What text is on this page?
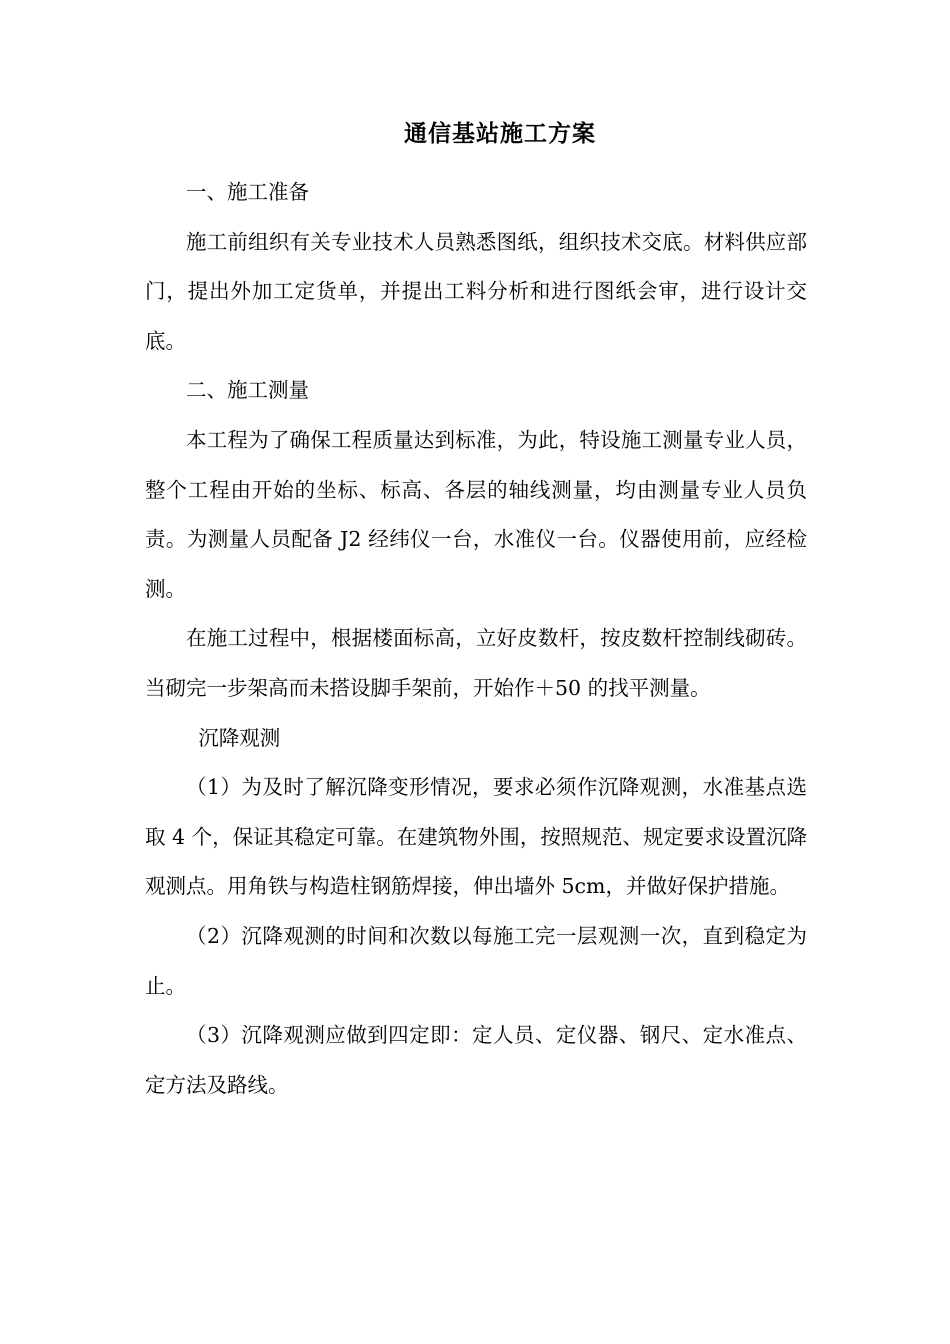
通信基站施工方案

一、施工准备

施工前组织有关专业技术人员熟悉图纸，组织技术交底。材料供应部门，提出外加工定货单，并提出工料分析和进行图纸会审，进行设计交底。

二、施工测量

本工程为了确保工程质量达到标准，为此，特设施工测量专业人员，整个工程由开始的坐标、标高、各层的轴线测量，均由测量专业人员负责。为测量人员配备 J2 经纬仪一台，水准仪一台。仪器使用前，应经检测。

在施工过程中，根据楼面标高，立好皮数杆，按皮数杆控制线砌砖。当砌完一步架高而未搭设脚手架前，开始作＋50 的找平测量。

沉降观测

（1）为及时了解沉降变形情况，要求必须作沉降观测，水准基点选取 4 个，保证其稳定可靠。在建筑物外围，按照规范、规定要求设置沉降观测点。用角铁与构造柱钢筋焊接，伸出墙外 5cm，并做好保护措施。

（2）沉降观测的时间和次数以每施工完一层观测一次，直到稳定为止。

（3）沉降观测应做到四定即：定人员、定仪器、钢尺、定水准点、定方法及路线。
